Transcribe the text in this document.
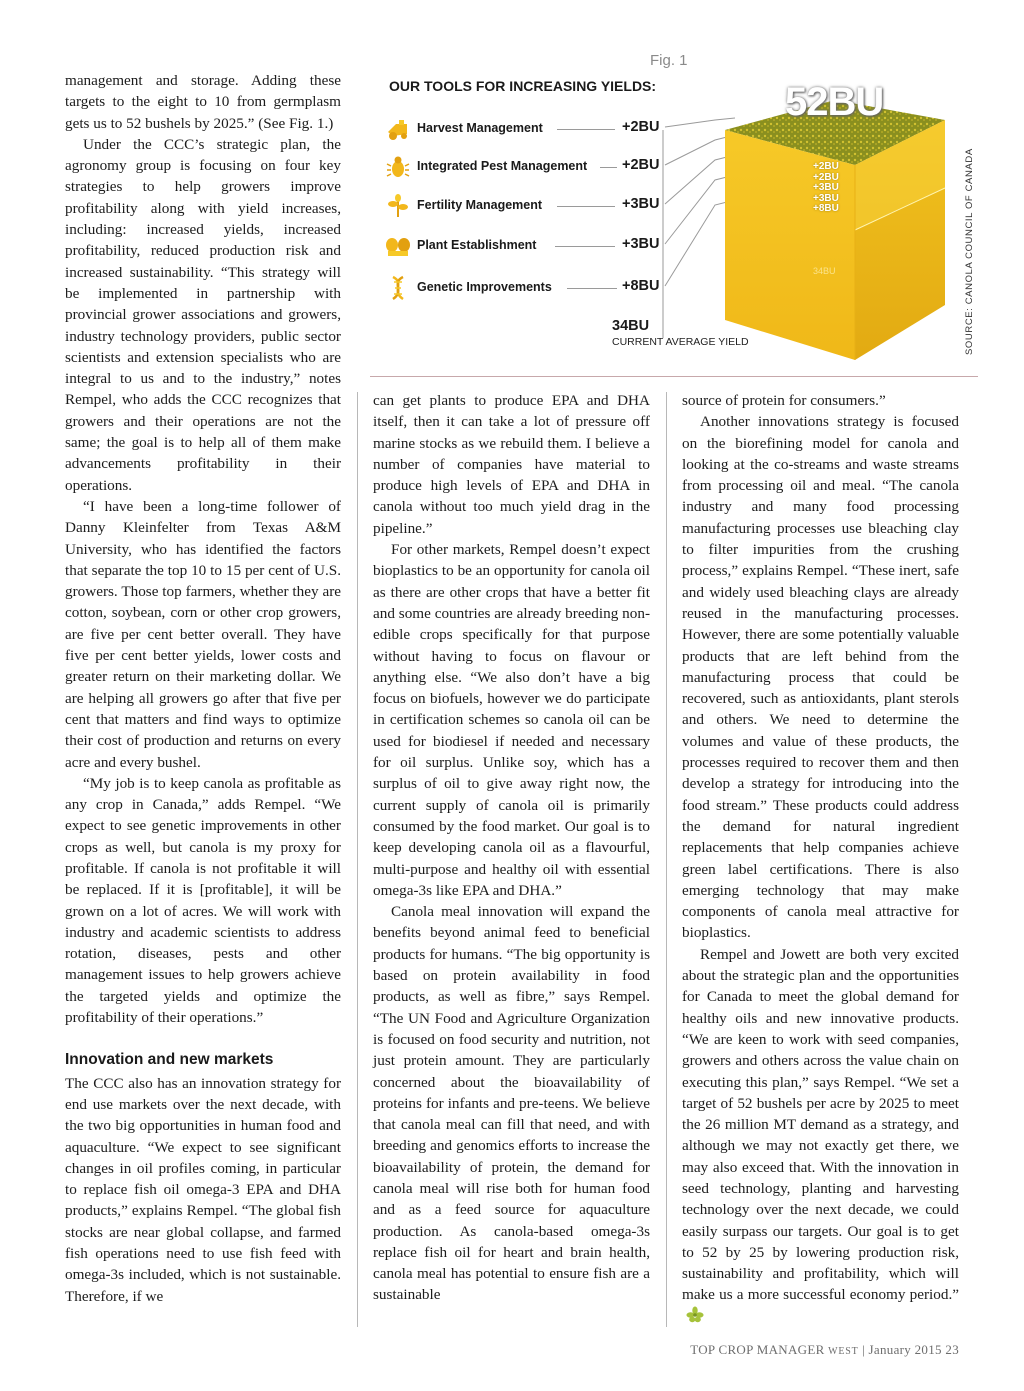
management and storage. Adding these targets to the eight to 10 from germplasm gets us to 52 bushels by 2025.” (See Fig. 1.)

Under the CCC’s strategic plan, the agronomy group is focusing on four key strategies to help growers improve profitability along with yield increases, including: increased yields, increased profitability, reduced production risk and increased sustainability. “This strategy will be implemented in partnership with provincial grower associations and growers, industry technology providers, public sector scientists and extension specialists who are integral to us and to the industry,” notes Rempel, who adds the CCC recognizes that growers and their operations are not the same; the goal is to help all of them make advancements profitability in their operations.

“I have been a long-time follower of Danny Kleinfelter from Texas A&M University, who has identified the factors that separate the top 10 to 15 per cent of U.S. growers. Those top farmers, whether they are cotton, soybean, corn or other crop growers, are five per cent better overall. They have five per cent better yields, lower costs and greater return on their marketing dollar. We are helping all growers go after that five per cent that matters and find ways to optimize their cost of production and returns on every acre and every bushel.

“My job is to keep canola as profitable as any crop in Canada,” adds Rempel. “We expect to see genetic improvements in other crops as well, but canola is my proxy for profitable. If canola is not profitable it will be replaced. If it is [profitable], it will be grown on a lot of acres. We will work with industry and academic scientists to address rotation, diseases, pests and other management issues to help growers achieve the targeted yields and optimize the profitability of their operations.”

Innovation and new markets

The CCC also has an innovation strategy for end use markets over the next decade, with the two big opportunities in human food and aquaculture. “We expect to see significant changes in oil profiles coming, in particular to replace fish oil omega-3 EPA and DHA products,” explains Rempel. “The global fish stocks are near global collapse, and farmed fish operations need to use fish feed with omega-3s included, which is not sustainable. Therefore, if we

can get plants to produce EPA and DHA itself, then it can take a lot of pressure off marine stocks as we rebuild them. I believe a number of companies have material to produce high levels of EPA and DHA in canola without too much yield drag in the pipeline.”

For other markets, Rempel doesn’t expect bioplastics to be an opportunity for canola oil as there are other crops that have a better fit and some countries are already breeding non-edible crops specifically for that purpose without having to focus on flavour or anything else. “We also don’t have a big focus on biofuels, however we do participate in certification schemes so canola oil can be used for biodiesel if needed and necessary for oil surplus. Unlike soy, which has a surplus of oil to give away right now, the current supply of canola oil is primarily consumed by the food market. Our goal is to keep developing canola oil as a flavourful, multi-purpose and healthy oil with essential omega-3s like EPA and DHA.”

Canola meal innovation will expand the benefits beyond animal feed to beneficial products for humans. “The big opportunity is based on protein availability in food products, as well as fibre,” says Rempel. “The UN Food and Agriculture Organization is focused on food security and nutrition, not just protein amount. They are particularly concerned about the bioavailability of proteins for infants and pre-teens. We believe that canola meal can fill that need, and with breeding and genomics efforts to increase the bioavailability of protein, the demand for canola meal will rise both for human food and as a feed source for aquaculture production. As canola-based omega-3s replace fish oil for heart and brain health, canola meal has potential to ensure fish are a sustainable

source of protein for consumers.”

Another innovations strategy is focused on the biorefining model for canola and looking at the co-streams and waste streams from processing oil and meal. “The canola industry and many food processing manufacturing processes use bleaching clay to filter impurities from the crushing process,” explains Rempel. “These inert, safe and widely used bleaching clays are already reused in the manufacturing processes. However, there are some potentially valuable products that are left behind from the manufacturing process that could be recovered, such as antioxidants, plant sterols and others. We need to determine the volumes and value of these products, the processes required to recover them and then develop a strategy for introducing into the food stream.” These products could address the demand for natural ingredient replacements that help companies achieve green label certifications. There is also emerging technology that may make components of canola meal attractive for bioplastics.

Rempel and Jowett are both very excited about the strategic plan and the opportunities for Canada to meet the global demand for healthy oils and new innovative products. “We are keen to work with seed companies, growers and others across the value chain on executing this plan,” says Rempel. “We set a target of 52 bushels per acre by 2025 to meet the 26 million MT demand as a strategy, and although we may not exactly get there, we may also exceed that. With the innovation in seed technology, planting and harvesting technology over the next decade, we could easily surpass our targets. Our goal is to get to 52 by 25 by lowering production risk, sustainability and profitability, which will make us a more successful economy period.”

Fig. 1
OUR TOOLS FOR INCREASING YIELDS:
Harvest Management	+2BU
Integrated Pest Management +2BU
Fertility Management	+3BU
Plant Establishment	+3BU
Genetic Improvements	+8BU
34BU
CURRENT AVERAGE YIELD
52BU
+2BU
+2BU
+3BU
+3BU
+8BU
34BU	SOURCE: CANOLA COUNCIL OF CANADA
TOP CROP MANAGER WEST | January 2015 23
